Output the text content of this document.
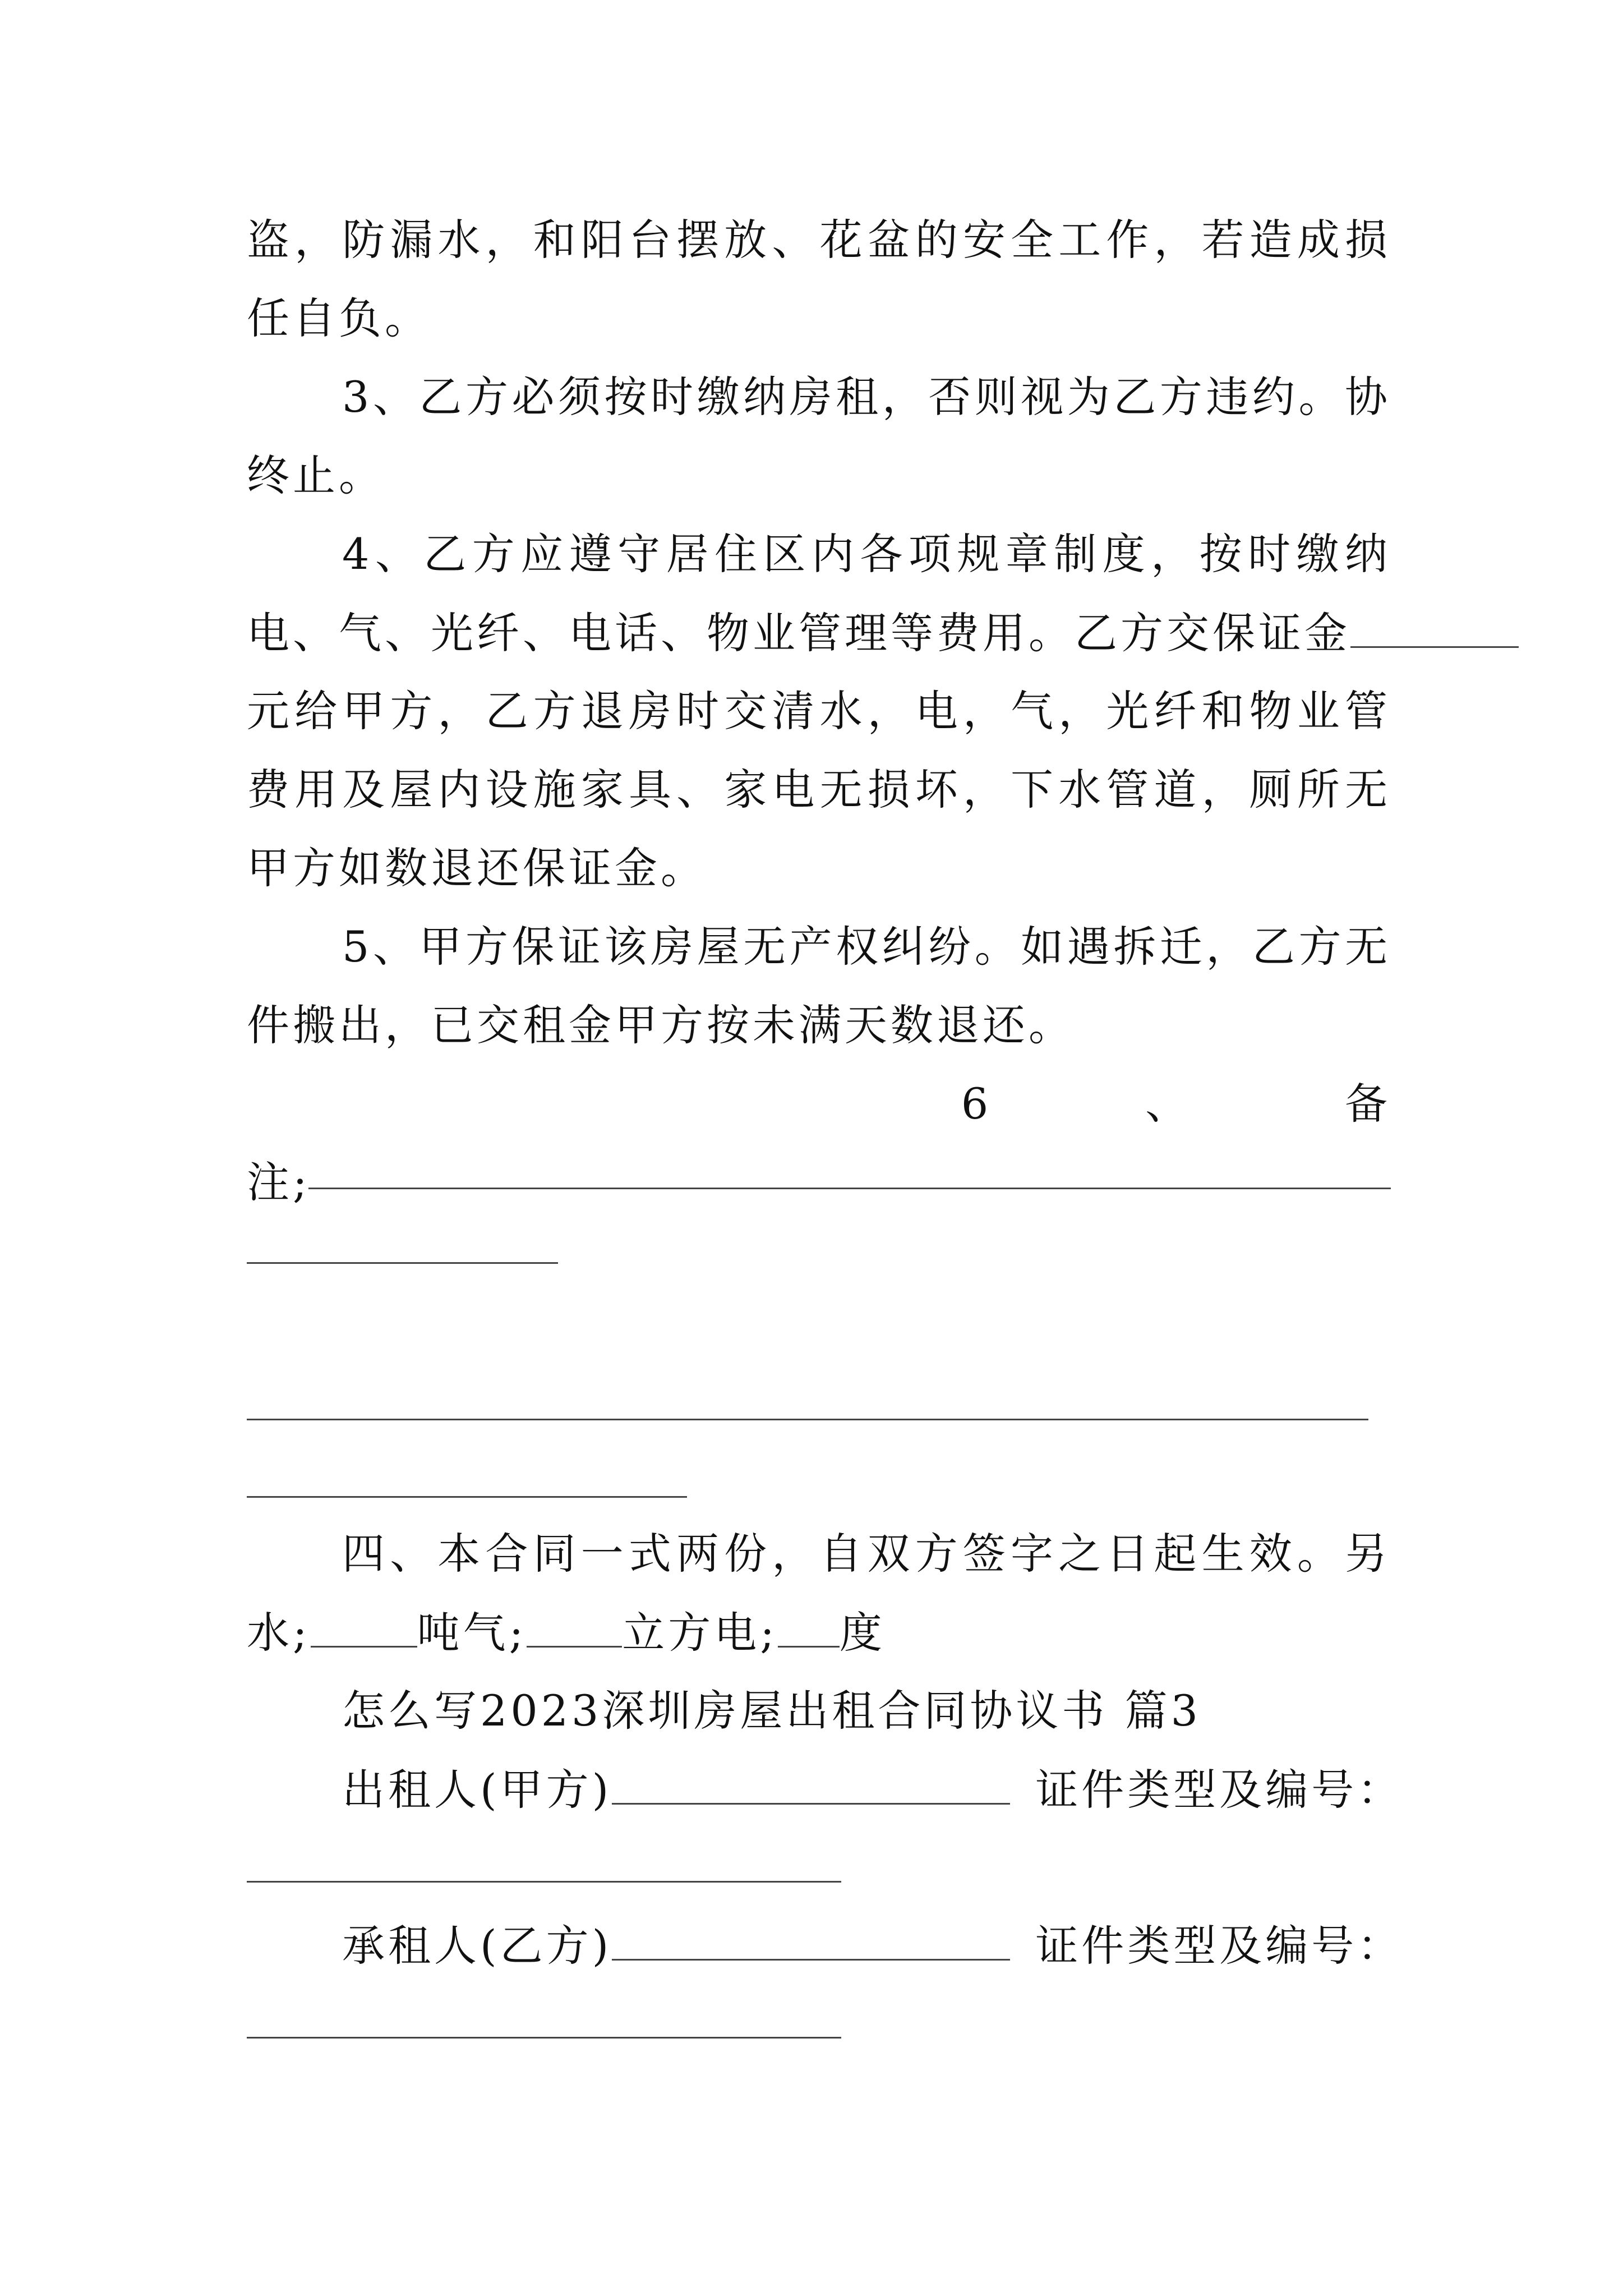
盗，防漏水，和阳台摆放、花盆的安全工作，若造成损
任自负。
3、乙方必须按时缴纳房租，否则视为乙方违约。协
终止。
4、乙方应遵守居住区内各项规章制度，按时缴纳
电、气、光纤、电话、物业管理等费用。乙方交保证金
元给甲方，乙方退房时交清水，电，气，光纤和物业管
费用及屋内设施家具、家电无损坏，下水管道，厕所无
甲方如数退还保证金。
5、甲方保证该房屋无产权纠纷。如遇拆迁，乙方无
件搬出，已交租金甲方按未满天数退还。
6	、	备
注;
四、本合同一式两份，自双方签字之日起生效。另
水;	吨气; 立方电; 度
怎么写2023深圳房屋出租合同协议书 篇3
出租人(甲方)	证件类型及编号：
承租人(乙方)	证件类型及编号：
